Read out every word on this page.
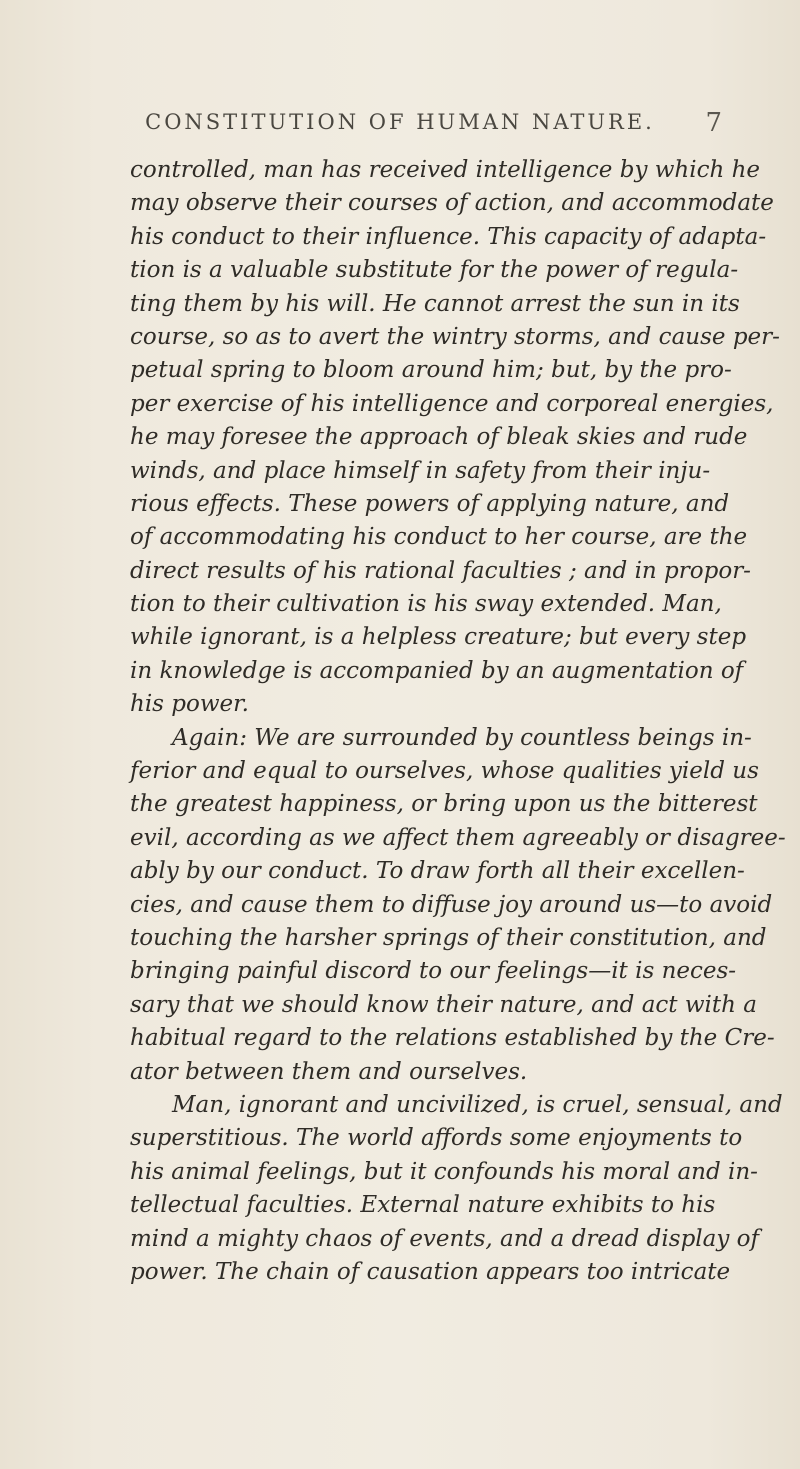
CONSTITUTION OF HUMAN NATURE.	7
controlled, man has received intelligence by which he
may observe their courses of action, and accommodate
his conduct to their influence. This capacity of adapta-
tion is a valuable substitute for the power of regula-
ting them by his will. He cannot arrest the sun in its
course, so as to avert the wintry storms, and cause per-
petual spring to bloom around him; but, by the pro-
per exercise of his intelligence and corporeal energies,
he may foresee the approach of bleak skies and rude
winds, and place himself in safety from their inju-
rious effects. These powers of applying nature, and
of accommodating his conduct to her course, are the
direct results of his rational faculties ; and in propor-
tion to their cultivation is his sway extended. Man,
while ignorant, is a helpless creature; but every step
in knowledge is accompanied by an augmentation of
his power.
Again: We are surrounded by countless beings in-
ferior and equal to ourselves, whose qualities yield us
the greatest happiness, or bring upon us the bitterest
evil, according as we affect them agreeably or disagree-
ably by our conduct. To draw forth all their excellen-
cies, and cause them to diffuse joy around us—to avoid
touching the harsher springs of their constitution, and
bringing painful discord to our feelings—it is neces-
sary that we should know their nature, and act with a
habitual regard to the relations established by the Cre-
ator between them and ourselves.
Man, ignorant and uncivilized, is cruel, sensual, and
superstitious. The world affords some enjoyments to
his animal feelings, but it confounds his moral and in-
tellectual faculties. External nature exhibits to his
mind a mighty chaos of events, and a dread display of
power. The chain of causation appears too intricate
